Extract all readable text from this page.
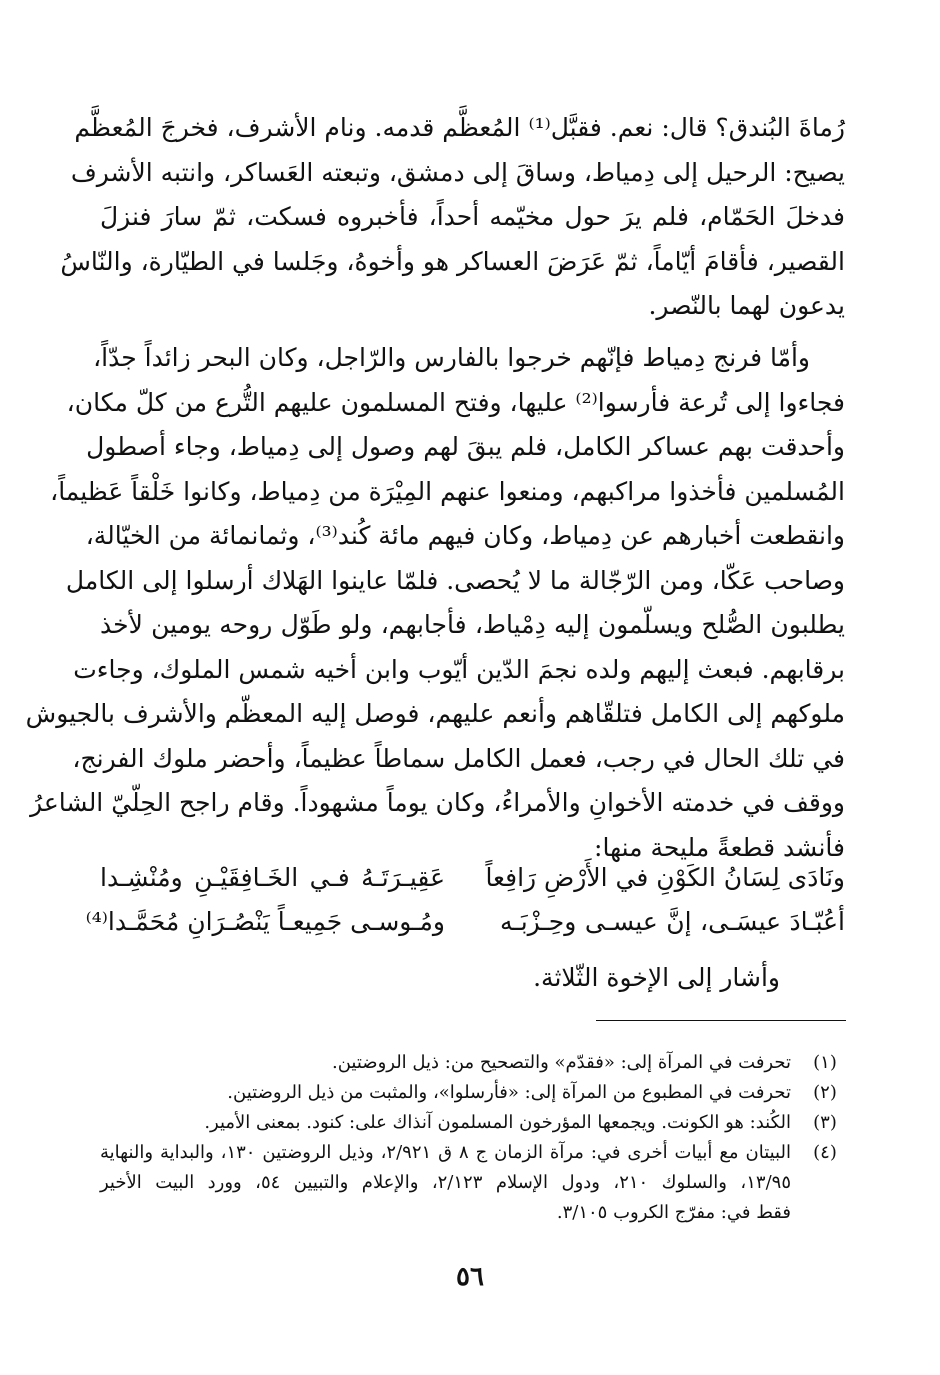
رُماةَ البُندق؟ قال: نعم. فقبَّل⁽¹⁾ المُعظَّم قدمه. ونام الأشرف، فخرجَ المُعظَّم
يصيح: الرحيل إلى دِمياط، وساقَ إلى دمشق، وتبعته العَساكر، وانتبه الأشرف
فدخلَ الحَمّام، فلم يرَ حول مخيّمه أحداً، فأخبروه فسكت، ثمّ سارَ فنزلَ
القصير، فأقامَ أيّاماً، ثمّ عَرَضَ العساكر هو وأخوهُ، وجَلسا في الطيّارة، والنّاسُ
يدعون لهما بالنّصر.
وأمّا فرنج دِمياط فإنّهم خرجوا بالفارس والرّاجل، وكان البحر زائداً جدّاً،
فجاءوا إلى تُرعة فأرسوا⁽²⁾ عليها، وفتح المسلمون عليهم التُّرع من كلّ مكان،
وأحدقت بهم عساكر الكامل، فلم يبقَ لهم وصول إلى دِمياط، وجاء أصطول
المُسلمين فأخذوا مراكبهم، ومنعوا عنهم المِيْرَة من دِمياط، وكانوا خَلْقاً عَظيماً،
وانقطعت أخبارهم عن دِمياط، وكان فيهم مائة كُند⁽³⁾، وثمانمائة من الخيّالة،
وصاحب عَكّا، ومن الرّجّالة ما لا يُحصى. فلمّا عاينوا الهَلاك أرسلوا إلى الكامل
يطلبون الصُّلح ويسلّمون إليه دِمْياط، فأجابهم، ولو طَوّل روحه يومين لأخذ
برقابهم. فبعث إليهم ولده نجمَ الدّين أيّوب وابن أخيه شمس الملوك، وجاءت
ملوكهم إلى الكامل فتلقّاهم وأنعم عليهم، فوصل إليه المعظّم والأشرف بالجيوش
في تلك الحال في رجب، فعمل الكامل سماطاً عظيماً، وأحضر ملوك الفرنج،
ووقف في خدمته الأخوانِ والأمراءُ، وكان يوماً مشهوداً. وقام راجح الحِلّيّ الشاعرُ
فأنشد قطعةً مليحة منها:
ونَادَى لِسَانُ الكَوْنِ في الأَرْضِ رَافِعاً
عَقِيـرَتَـهُ فـي الخَـافِقَيْـنِ ومُنْشِـدا
أعُبّـادَ عيسَـى، إنَّ عيسـى وحِـزْبَـه
ومُـوسـى جَمِيعـاً يَنْصُـرَانِ مُحَمَّـدا⁽⁴⁾
وأشار إلى الإخوة الثّلاثة.
(١)
تحرفت في المرآة إلى: «فقدّم» والتصحيح من: ذيل الروضتين.
(٢)
تحرفت في المطبوع من المرآة إلى: «فأرسلوا»، والمثبت من ذيل الروضتين.
(٣)
الكُند: هو الكونت. ويجمعها المؤرخون المسلمون آنذاك على: كنود. بمعنى الأمير.
(٤)
البيتان مع أبيات أخرى في: مرآة الزمان ج ٨ ق ٢/٩٢١، وذيل الروضتين ١٣٠، والبداية والنهاية
١٣/٩٥، والسلوك ٢١٠، ودول الإسلام ٢/١٢٣، والإعلام والتبيين ٥٤، وورد البيت الأخير
فقط في: مفرّج الكروب ٣/١٠٥.
٥٦
